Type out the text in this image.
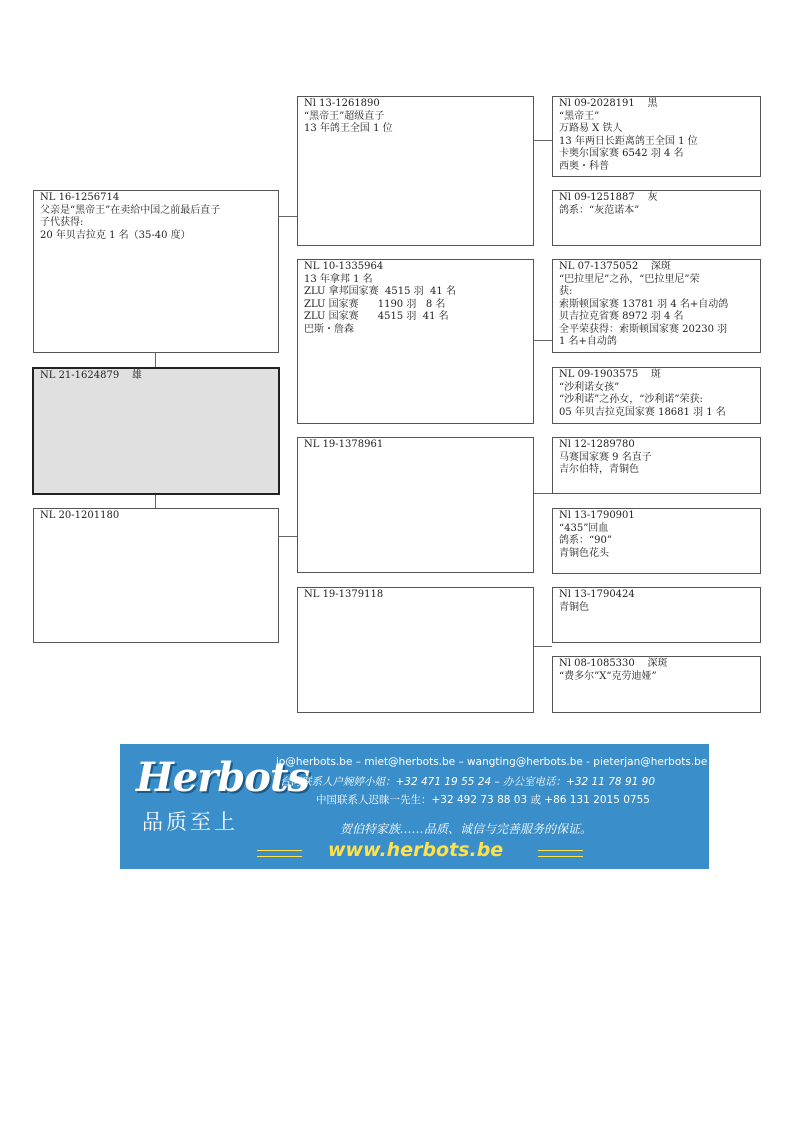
NL 16-1256714
父亲是“黑帝王”在卖给中国之前最后直子
子代获得:
20 年贝吉拉克 1 名（35-40 度）
NL 21-1624879    雄
NL 20-1201180
Nl 13-1261890
“黑帝王”超级直子
13 年鸽王全国 1 位
NL 10-1335964
13 年拿邦 1 名
ZLU 拿邦国家赛  4515 羽  41 名
ZLU 国家赛      1190 羽   8 名
ZLU 国家赛      4515 羽  41 名
巴斯・詹森
NL 19-1378961
NL 19-1379118
Nl 09-2028191    黑
“黑帝王”
万路易 X 铁人
13 年两日长距离鸽王全国 1 位
卡奥尔国家赛 6542 羽 4 名
西奥・科普
Nl 09-1251887    灰
鸽系：“灰范诺本”
NL 07-1375052    深斑
“巴拉里尼”之孙，“巴拉里尼”荣
获:
索斯顿国家赛 13781 羽 4 名+自动鸽
贝吉拉克省赛 8972 羽 4 名
全平荣获得：索斯顿国家赛 20230 羽
1 名+自动鸽
NL 09-1903575    斑
“沙利诺女孩”
“沙利诺”之孙女，“沙利诺”荣获:
05 年贝吉拉克国家赛 18681 羽 1 名
Nl 12-1289780
马赛国家赛 9 名直子
吉尔伯特，青铜色
Nl 13-1790901
“435”回血
鸽系：“90”
青铜色花头
Nl 13-1790424
青铜色
Nl 08-1085330    深斑
“费多尔”X“克劳迪娅”
Herbots
品质至上
jo@herbots.be – miet@herbots.be – wangting@herbots.be - pieterjan@herbots.be
台湾联系人户婉婷小姐：+32 471 19 55 24 – 办公室电话：+32 11 78 91 90
中国联系人迟睐一先生：+32 492 73 88 03 或 +86 131 2015 0755
贺伯特家族……品质、诚信与完善服务的保证。
www.herbots.be
